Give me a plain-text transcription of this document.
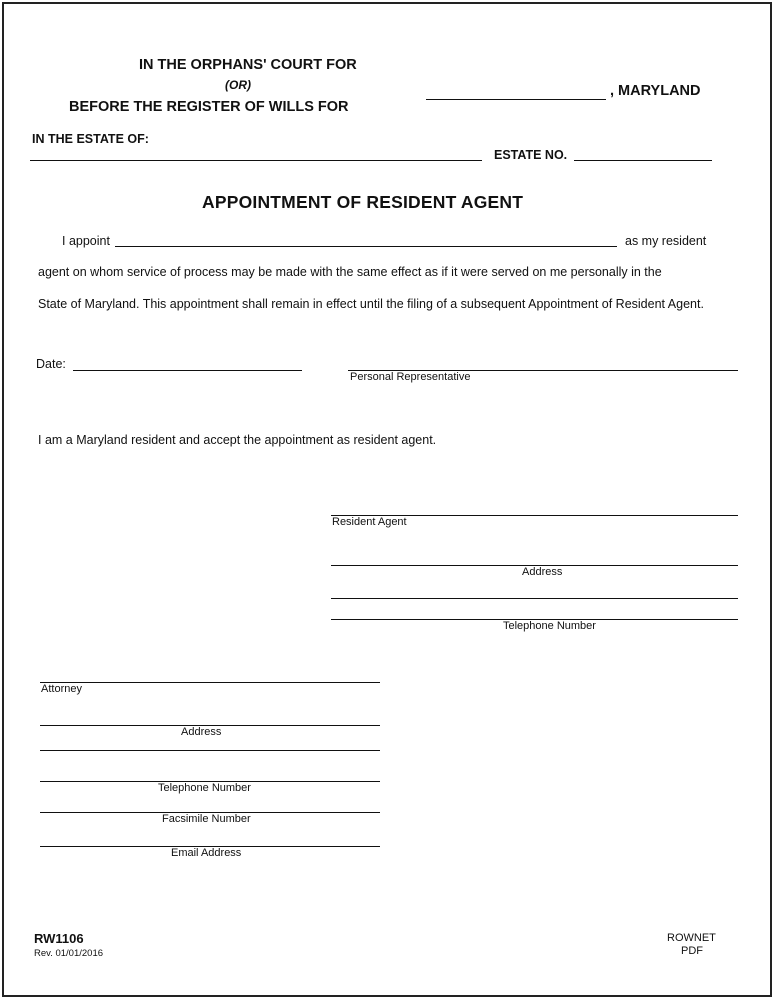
IN THE ORPHANS' COURT FOR
(OR)
BEFORE THE REGISTER OF WILLS FOR
, MARYLAND
IN THE ESTATE OF:
ESTATE NO.
APPOINTMENT OF RESIDENT AGENT
I appoint	as my resident
agent on whom service of process may be made with the same effect as if it were served on me personally in the
State of Maryland. This appointment shall remain in effect until the filing of a subsequent Appointment of Resident Agent.
Date:
Personal Representative
I am a Maryland resident and accept the appointment as resident agent.
Resident Agent
Address
Telephone Number
Attorney
Address
Telephone Number
Facsimile Number
Email Address
RW1106
Rev. 01/01/2016
ROWNET
PDF
